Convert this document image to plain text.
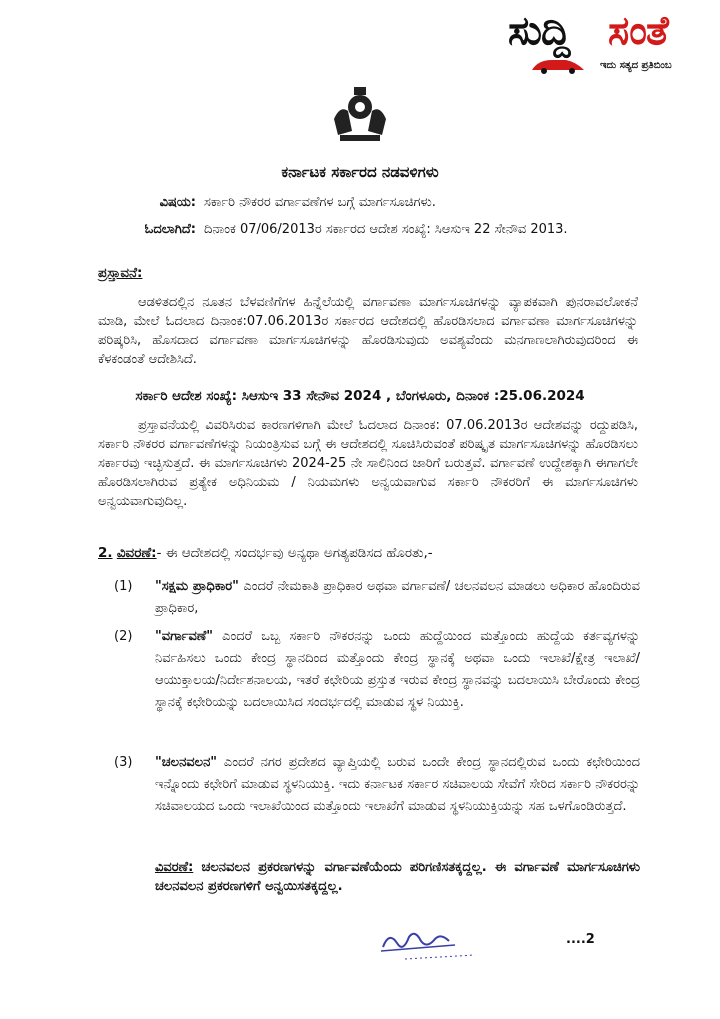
ಸುದ್ದಿ ಸಂತೆ
ಇದು ಸತ್ಯದ ಪ್ರತಿಬಿಂಬ
ಕರ್ನಾಟಕ ಸರ್ಕಾರದ ನಡವಳಿಗಳು
ವಿಷಯ: ಸರ್ಕಾರಿ ನೌಕರರ ವರ್ಗಾವಣೆಗಳ ಬಗ್ಗೆ ಮಾರ್ಗಸೂಚಿಗಳು.
ಓದಲಾಗಿದೆ: ದಿನಾಂಕ 07/06/2013ರ ಸರ್ಕಾರದ ಆದೇಶ ಸಂಖ್ಯೆ: ಸಿಆಸುಇ 22 ಸೇನೌವ 2013.
ಪ್ರಸ್ತಾವನೆ:
ಆಡಳಿತದಲ್ಲಿನ ನೂತನ ಬೆಳವಣಿಗೆಗಳ ಹಿನ್ನೆಲೆಯಲ್ಲಿ ವರ್ಗಾವಣಾ ಮಾರ್ಗಸೂಚಿಗಳನ್ನು ವ್ಯಾಪಕವಾಗಿ ಪುನರಾವಲೋಕನೆ ಮಾಡಿ, ಮೇಲೆ ಓದಲಾದ ದಿನಾಂಕ:07.06.2013ರ ಸರ್ಕಾರದ ಆದೇಶದಲ್ಲಿ ಹೊರಡಿಸಲಾದ ವರ್ಗಾವಣಾ ಮಾರ್ಗಸೂಚಿಗಳನ್ನು ಪರಿಷ್ಕರಿಸಿ, ಹೊಸದಾದ ವರ್ಗಾವಣಾ ಮಾರ್ಗಸೂಚಿಗಳನ್ನು ಹೊರಡಿಸುವುದು ಅವಶ್ಯವೆಂದು ಮನಗಾಣಲಾಗಿರುವುದರಿಂದ ಈ ಕೆಳಕಂಡಂತೆ ಆದೇಶಿಸಿದೆ.
ಸರ್ಕಾರಿ ಆದೇಶ ಸಂಖ್ಯೆ: ಸಿಆಸುಇ 33 ಸೇನೌವ 2024 , ಬೆಂಗಳೂರು, ದಿನಾಂಕ :25.06.2024
ಪ್ರಸ್ತಾವನೆಯಲ್ಲಿ ವಿವರಿಸಿರುವ ಕಾರಣಗಳಿಗಾಗಿ ಮೇಲೆ ಓದಲಾದ ದಿನಾಂಕ: 07.06.2013ರ ಆದೇಶವನ್ನು ರದ್ದುಪಡಿಸಿ, ಸರ್ಕಾರಿ ನೌಕರರ ವರ್ಗಾವಣೆಗಳನ್ನು ನಿಯಂತ್ರಿಸುವ ಬಗ್ಗೆ ಈ ಆದೇಶದಲ್ಲಿ ಸೂಚಿಸಿರುವಂತೆ ಪರಿಷ್ಕೃತ ಮಾರ್ಗಸೂಚಿಗಳನ್ನು ಹೊರಡಿಸಲು ಸರ್ಕಾರವು ಇಚ್ಛಿಸುತ್ತದೆ. ಈ ಮಾರ್ಗಸೂಚಿಗಳು 2024-25 ನೇ ಸಾಲಿನಿಂದ ಜಾರಿಗೆ ಬರುತ್ತವೆ. ವರ್ಗಾವಣೆ ಉದ್ದೇಶಕ್ಕಾಗಿ ಈಗಾಗಲೇ ಹೊರಡಿಸಲಾಗಿರುವ ಪ್ರತ್ಯೇಕ ಅಧಿನಿಯಮ / ನಿಯಮಗಳು ಅನ್ವಯವಾಗುವ ಸರ್ಕಾರಿ ನೌಕರರಿಗೆ ಈ ಮಾರ್ಗಸೂಚಿಗಳು ಅನ್ವಯವಾಗುವುದಿಲ್ಲ.
2. ವಿವರಣೆ:- ಈ ಆದೇಶದಲ್ಲಿ ಸಂದರ್ಭವು ಅನ್ಯಥಾ ಅಗತ್ಯಪಡಿಸದ ಹೊರತು,-
(1) "ಸಕ್ಷಮ ಪ್ರಾಧಿಕಾರ" ಎಂದರೆ ನೇಮಕಾತಿ ಪ್ರಾಧಿಕಾರ ಅಥವಾ ವರ್ಗಾವಣೆ/ ಚಲನವಲನ ಮಾಡಲು ಅಧಿಕಾರ ಹೊಂದಿರುವ ಪ್ರಾಧಿಕಾರ,
(2) "ವರ್ಗಾವಣೆ" ಎಂದರೆ ಒಬ್ಬ ಸರ್ಕಾರಿ ನೌಕರನನ್ನು ಒಂದು ಹುದ್ದೆಯಿಂದ ಮತ್ತೊಂದು ಹುದ್ದೆಯ ಕರ್ತವ್ಯಗಳನ್ನು ನಿರ್ವಹಿಸಲು ಒಂದು ಕೇಂದ್ರ ಸ್ಥಾನದಿಂದ ಮತ್ತೊಂದು ಕೇಂದ್ರ ಸ್ಥಾನಕ್ಕೆ ಅಥವಾ ಒಂದು ಇಲಾಖೆ/ಕ್ಷೇತ್ರ ಇಲಾಖೆ/ ಆಯುಕ್ತಾಲಯ/ನಿರ್ದೇಶನಾಲಯ, ಇತರೆ ಕಛೇರಿಯ ಪ್ರಸ್ತುತ ಇರುವ ಕೇಂದ್ರ ಸ್ಥಾನವನ್ನು ಬದಲಾಯಿಸಿ ಬೇರೊಂದು ಕೇಂದ್ರ ಸ್ಥಾನಕ್ಕೆ ಕಛೇರಿಯನ್ನು ಬದಲಾಯಿಸಿದ ಸಂದರ್ಭದಲ್ಲಿ ಮಾಡುವ ಸ್ಥಳ ನಿಯುಕ್ತಿ.
(3) "ಚಲನವಲನ" ಎಂದರೆ ನಗರ ಪ್ರದೇಶದ ವ್ಯಾಪ್ತಿಯಲ್ಲಿ ಬರುವ ಒಂದೇ ಕೇಂದ್ರ ಸ್ಥಾನದಲ್ಲಿರುವ ಒಂದು ಕಛೇರಿಯಿಂದ ಇನ್ನೊಂದು ಕಛೇರಿಗೆ ಮಾಡುವ ಸ್ಥಳನಿಯುಕ್ತಿ. ಇದು ಕರ್ನಾಟಕ ಸರ್ಕಾರ ಸಚಿವಾಲಯ ಸೇವೆಗೆ ಸೇರಿದ ಸರ್ಕಾರಿ ನೌಕರರನ್ನು ಸಚಿವಾಲಯದ ಒಂದು ಇಲಾಖೆಯಿಂದ ಮತ್ತೊಂದು ಇಲಾಖೆಗೆ ಮಾಡುವ ಸ್ಥಳನಿಯುಕ್ತಿಯನ್ನು ಸಹ ಒಳಗೊಂಡಿರುತ್ತದೆ.
ವಿವರಣೆ: ಚಲನವಲನ ಪ್ರಕರಣಗಳನ್ನು ವರ್ಗಾವಣೆಯೆಂದು ಪರಿಗಣಿಸತಕ್ಕದ್ದಲ್ಲ. ಈ ವರ್ಗಾವಣೆ ಮಾರ್ಗಸೂಚಿಗಳು ಚಲನವಲನ ಪ್ರಕರಣಗಳಿಗೆ ಅನ್ವಯಿಸತಕ್ಕದ್ದಲ್ಲ.
....2
